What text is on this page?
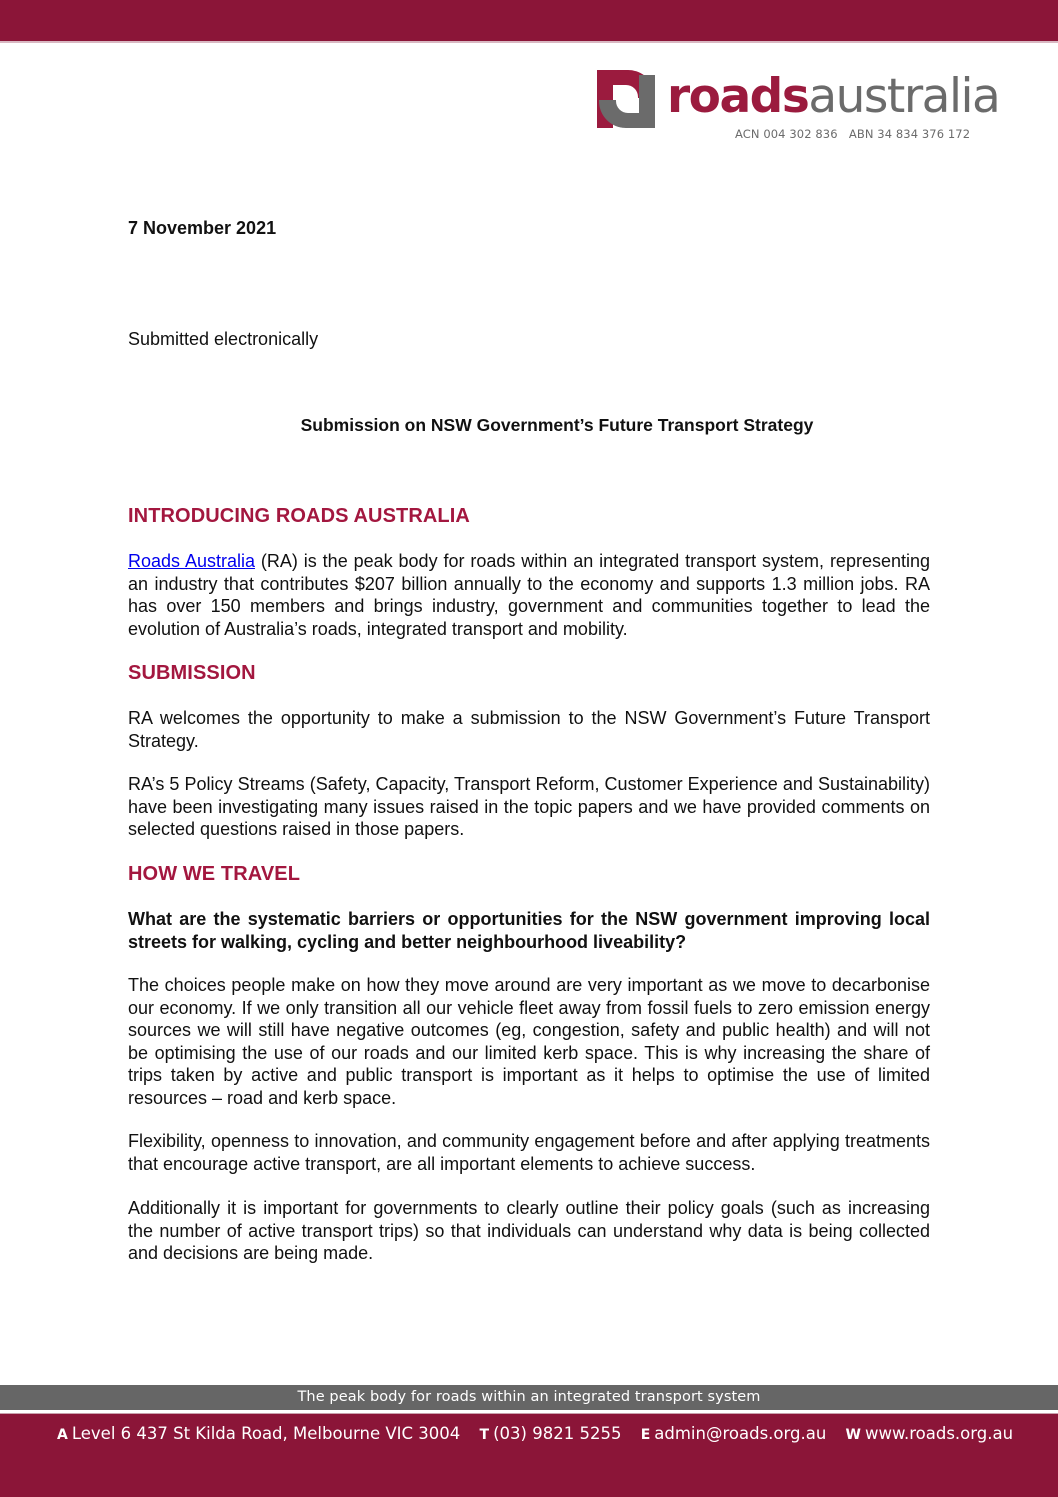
roadsaustralia
ACN 004 302 836   ABN 34 834 376 172
7 November 2021
Submitted electronically
Submission on NSW Government’s Future Transport Strategy
INTRODUCING ROADS AUSTRALIA
Roads Australia (RA) is the peak body for roads within an integrated transport system, representing an industry that contributes $207 billion annually to the economy and supports 1.3 million jobs. RA has over 150 members and brings industry, government and communities together to lead the evolution of Australia’s roads, integrated transport and mobility.
SUBMISSION
RA welcomes the opportunity to make a submission to the NSW Government’s Future Transport Strategy.
RA’s 5 Policy Streams (Safety, Capacity, Transport Reform, Customer Experience and Sustainability) have been investigating many issues raised in the topic papers and we have provided comments on selected questions raised in those papers.
HOW WE TRAVEL
What are the systematic barriers or opportunities for the NSW government improving local streets for walking, cycling and better neighbourhood liveability?
The choices people make on how they move around are very important as we move to decarbonise our economy. If we only transition all our vehicle fleet away from fossil fuels to zero emission energy sources we will still have negative outcomes (eg, congestion, safety and public health) and will not be optimising the use of our roads and our limited kerb space. This is why increasing the share of trips taken by active and public transport is important as it helps to optimise the use of limited resources – road and kerb space.
Flexibility, openness to innovation, and community engagement before and after applying treatments that encourage active transport, are all important elements to achieve success.
Additionally it is important for governments to clearly outline their policy goals (such as increasing the number of active transport trips) so that individuals can understand why data is being collected and decisions are being made.
The peak body for roads within an integrated transport system
A Level 6 437 St Kilda Road, Melbourne VIC 3004 T (03) 9821 5255 E admin@roads.org.au W www.roads.org.au
